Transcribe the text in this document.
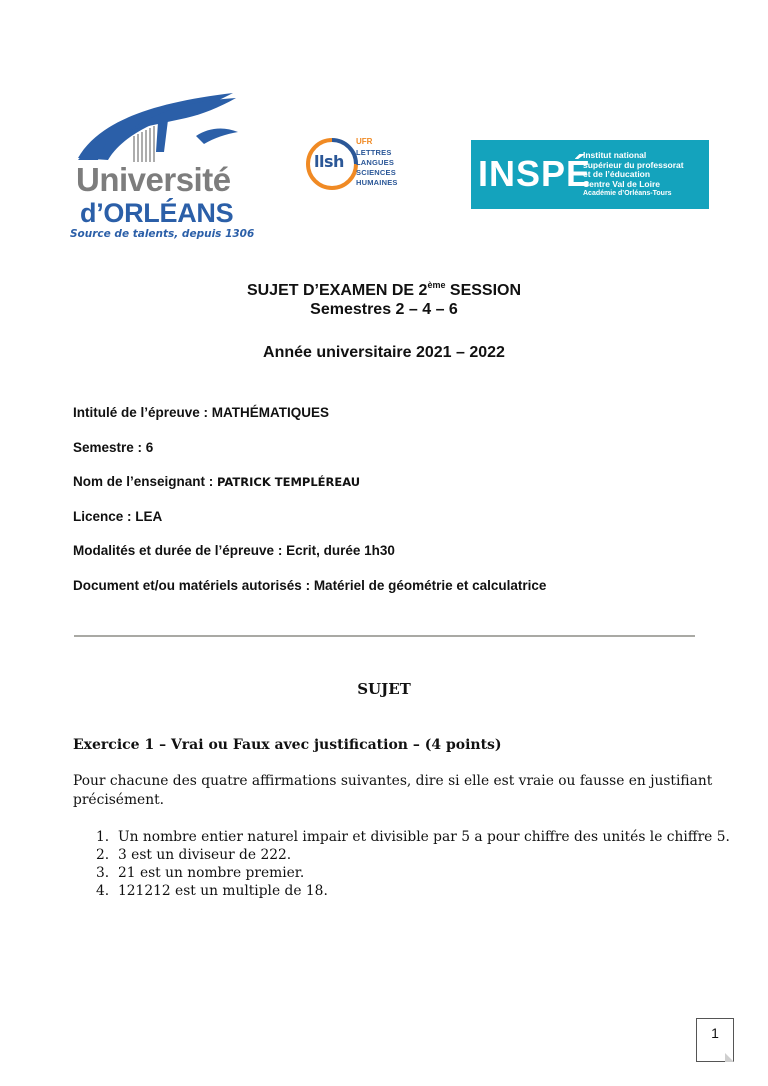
Université
d’ORLÉANS
Source de talents, depuis 1306
llsh
UFR
LETTRES
LANGUES
SCIENCES
HUMAINES INSPÉ
Institut national
supérieur du professorat
et de l’éducation
Centre Val de Loire
Académie d’Orléans-Tours
SUJET D’EXAMEN DE 2ème SESSION
Semestres 2 – 4 – 6
Année universitaire 2021 – 2022
Intitulé de l’épreuve : MATHÉMATIQUES
Semestre : 6
Nom de l’enseignant : PATRICK TEMPLÉREAU
Licence : LEA
Modalités et durée de l’épreuve : Ecrit, durée 1h30
Document et/ou matériels autorisés : Matériel de géométrie et calculatrice
SUJET
Exercice 1 – Vrai ou Faux avec justification – (4 points)
Pour chacune des quatre affirmations suivantes, dire si elle est vraie ou fausse en justifiant précisément.
1. Un nombre entier naturel impair et divisible par 5 a pour chiffre des unités le chiffre 5.
2. 3 est un diviseur de 222.
3. 21 est un nombre premier.
4. 121212 est un multiple de 18.
1
